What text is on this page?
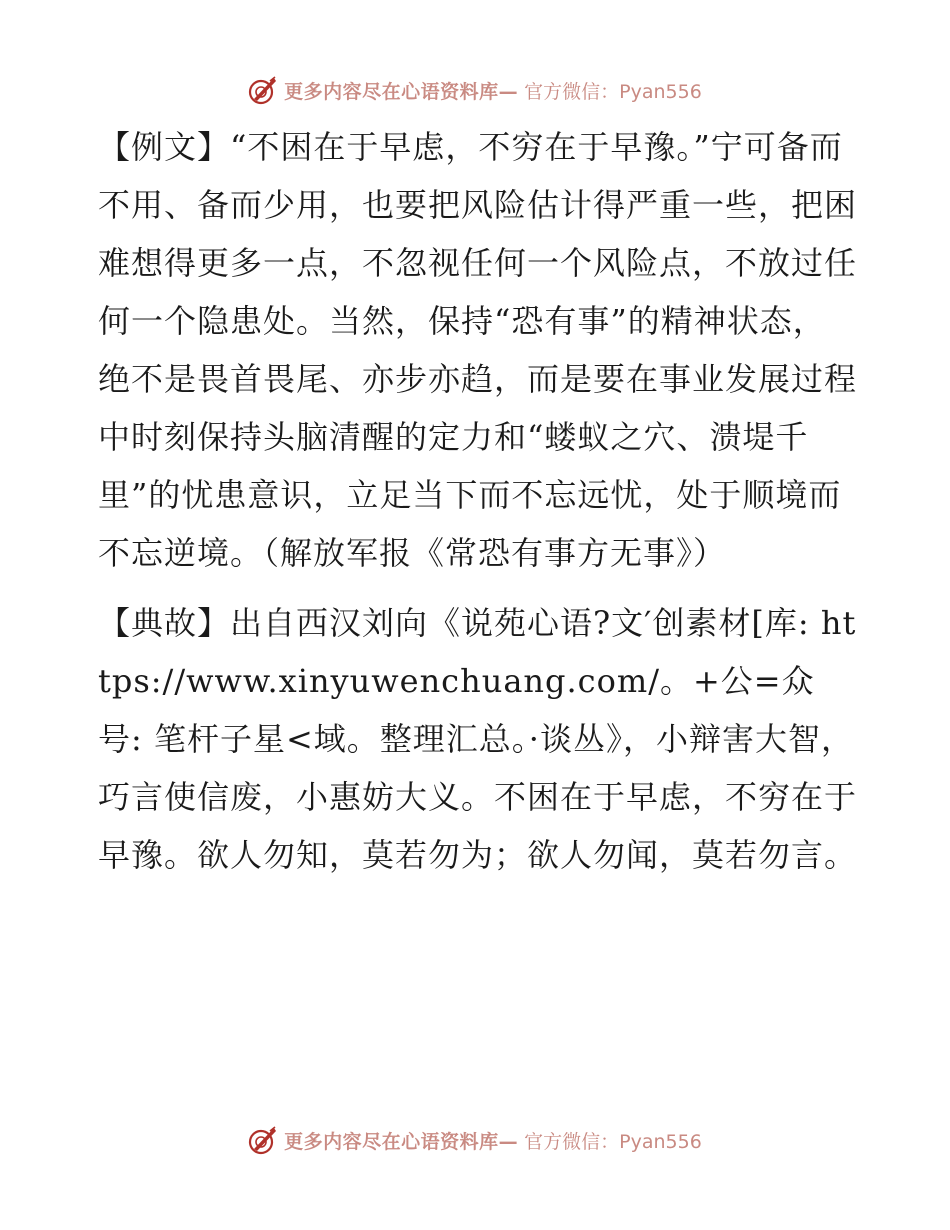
更多内容尽在心语资料库— 官方微信：Pyan556

【例文】“不困在于早虑，不穷在于早豫。”宁可备而不用、备而少用，也要把风险估计得严重一些，把困难想得更多一点，不忽视任何一个风险点，不放过任何一个隐患处。当然，保持“恐有事”的精神状态，绝不是畏首畏尾、亦步亦趋，而是要在事业发展过程中时刻保持头脑清醒的定力和“蝼蚁之穴、溃堤千里”的忧患意识，立足当下而不忘远忧，处于顺境而不忘逆境。（解放军报《常恐有事方无事》）

【典故】出自西汉刘向《说苑心语?文′创素材[库: https://www.xinyuwenchuang.com/。+公=众号: 笔杆子星<域。整理汇总。·谈丛》，小辩害大智，巧言使信废，小惠妨大义。不困在于早虑，不穷在于早豫。欲人勿知，莫若勿为；欲人勿闻，莫若勿言。

更多内容尽在心语资料库— 官方微信：Pyan556
